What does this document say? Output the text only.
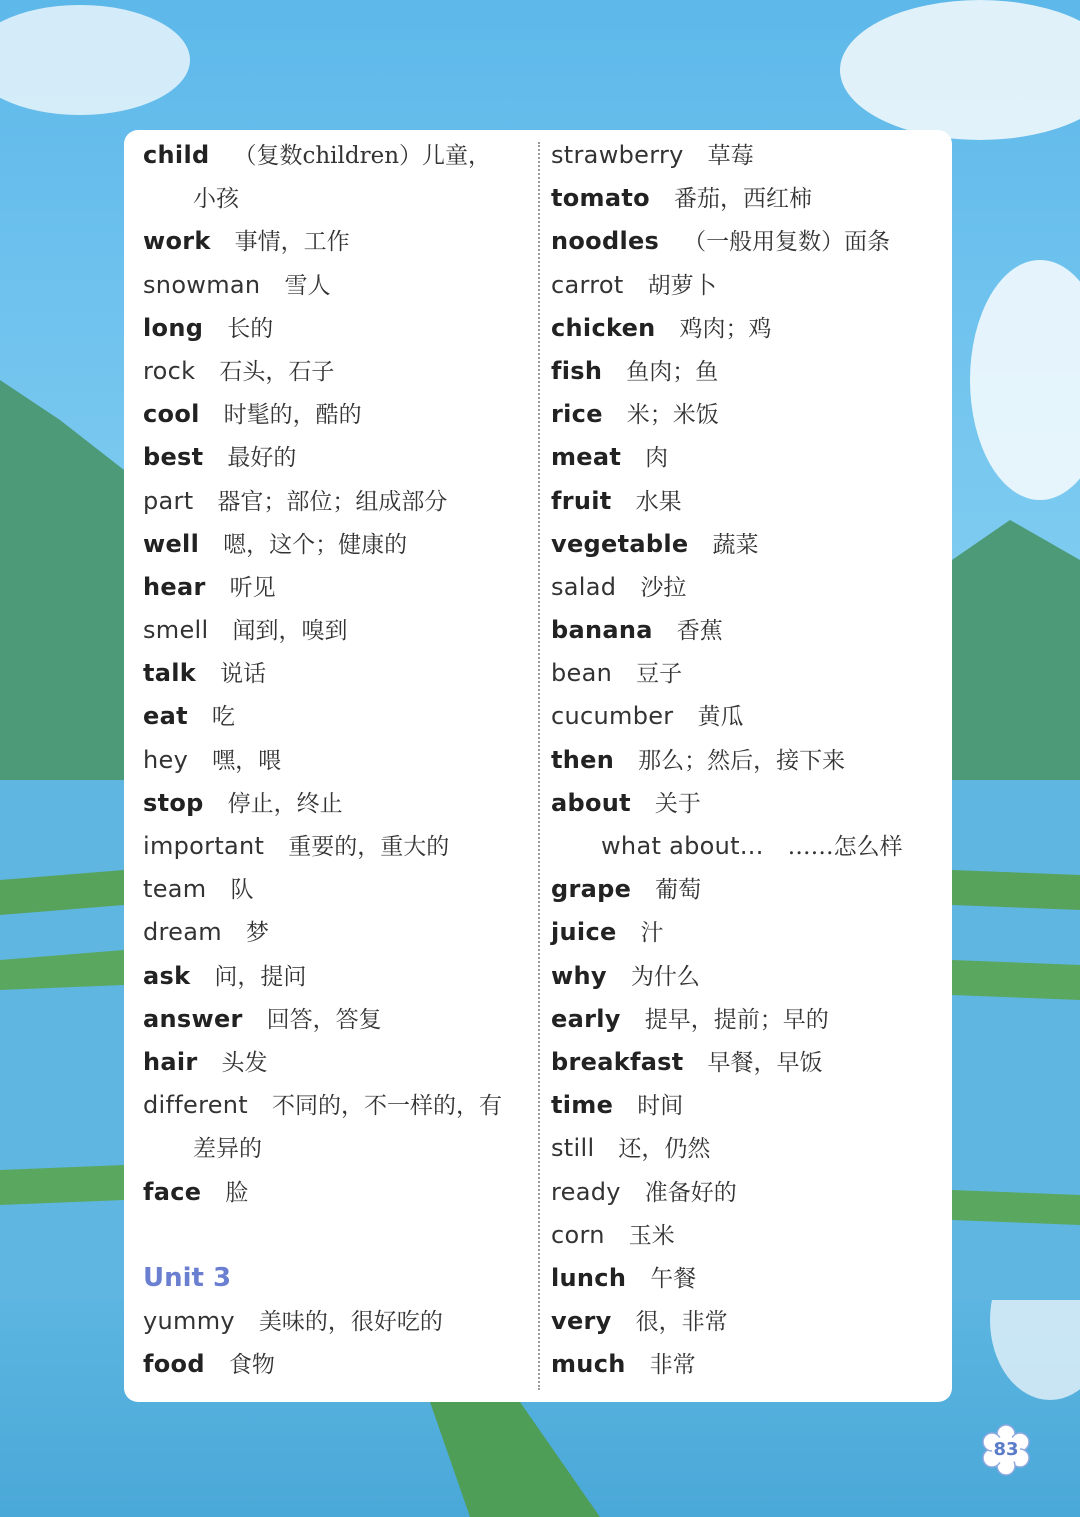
child （复数children）儿童，
小孩
work 事情，工作
snowman 雪人
long 长的
rock 石头，石子
cool 时髦的，酷的
best 最好的
part 器官；部位；组成部分
well 嗯，这个；健康的
hear 听见
smell 闻到，嗅到
talk 说话
eat 吃
hey 嘿，喂
stop 停止，终止
important 重要的，重大的
team 队
dream 梦
ask 问，提问
answer 回答，答复
hair 头发
different 不同的，不一样的，有
差异的
face 脸
Unit 3
yummy 美味的，很好吃的
food 食物
strawberry 草莓
tomato 番茄，西红柿
noodles （一般用复数）面条
carrot 胡萝卜
chicken 鸡肉；鸡
fish 鱼肉；鱼
rice 米；米饭
meat 肉
fruit 水果
vegetable 蔬菜
salad 沙拉
banana 香蕉
bean 豆子
cucumber 黄瓜
then 那么；然后，接下来
about 关于
what about... ……怎么样
grape 葡萄
juice 汁
why 为什么
early 提早，提前；早的
breakfast 早餐，早饭
time 时间
still 还，仍然
ready 准备好的
corn 玉米
lunch 午餐
very 很，非常
much 非常
83
